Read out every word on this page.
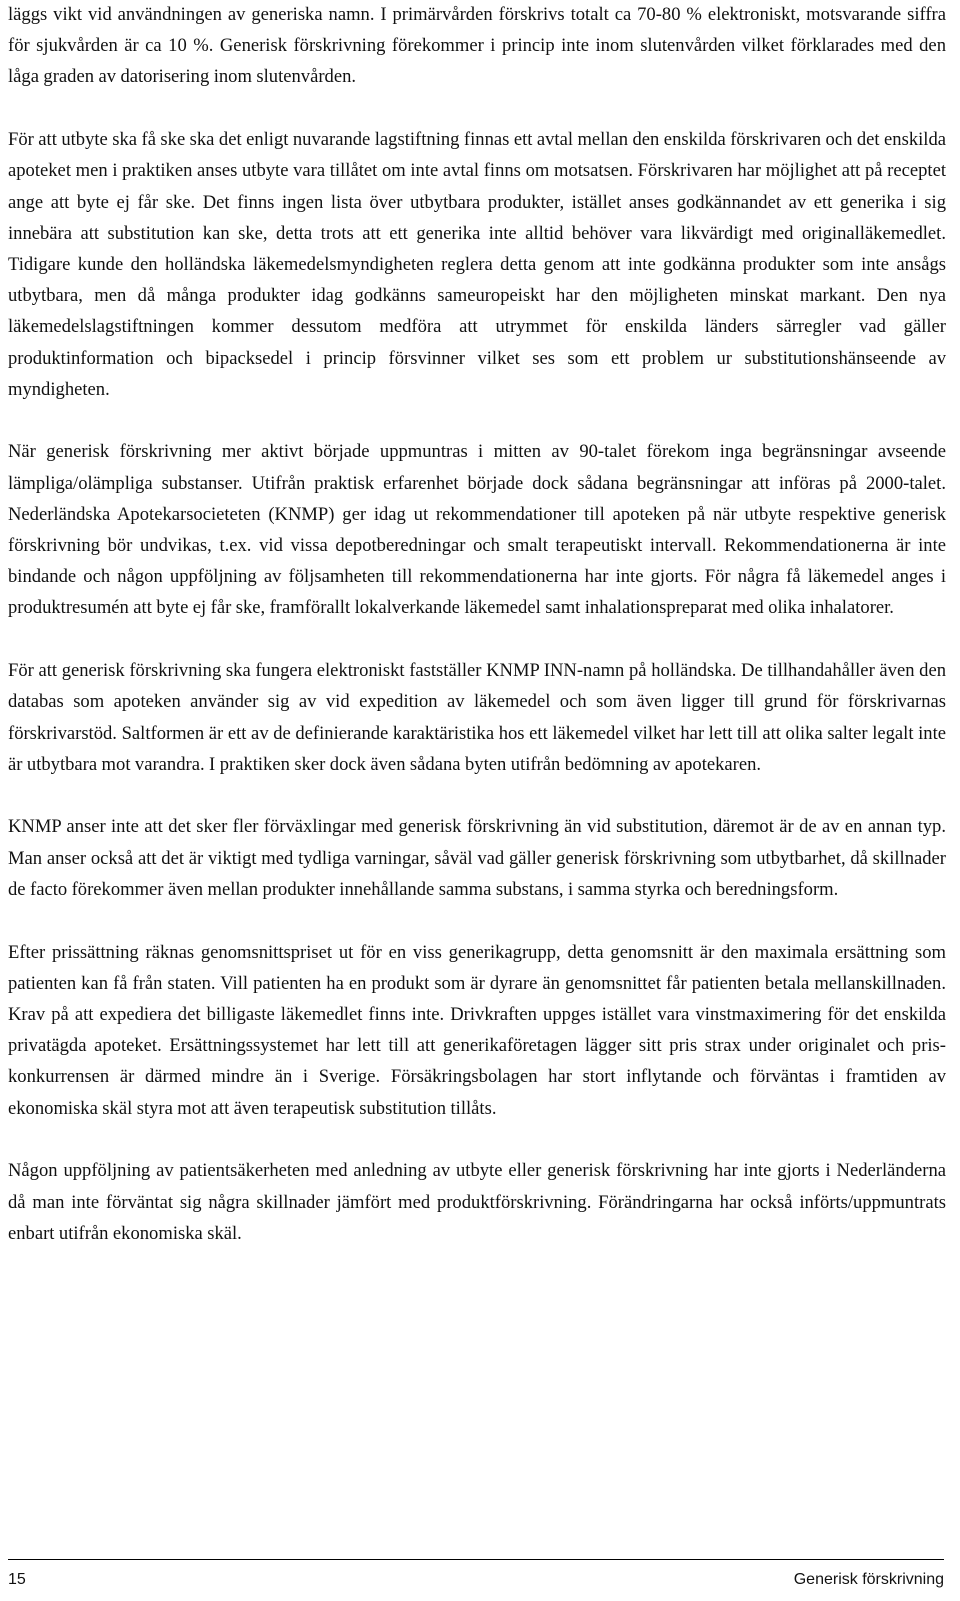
läggs vikt vid användningen av generiska namn. I primärvården förskrivs totalt ca 70-80 % elektroniskt, motsvarande siffra för sjukvården är ca 10 %. Generisk förskrivning förekommer i princip inte inom slutenvården vilket förklarades med den låga graden av datorisering inom slutenvården.

För att utbyte ska få ske ska det enligt nuvarande lagstiftning finnas ett avtal mellan den enskilda förskrivaren och det enskilda apoteket men i praktiken anses utbyte vara tillåtet om inte avtal finns om motsatsen. Förskrivaren har möjlighet att på receptet ange att byte ej får ske. Det finns ingen lista över utbytbara produkter, istället anses godkännandet av ett generika i sig innebära att substitution kan ske, detta trots att ett generika inte alltid behöver vara likvärdigt med originalläkemedlet. Tidigare kunde den holländska läkemedelsmyndigheten reglera detta genom att inte godkänna produkter som inte ansågs utbytbara, men då många produkter idag godkänns sameuropeiskt har den möjligheten minskat markant. Den nya läkemedelslagstiftningen kommer dessutom medföra att utrymmet för enskilda länders särregler vad gäller produktinformation och bipacksedel i princip försvinner vilket ses som ett problem ur substitutionshänseende av myndigheten.

När generisk förskrivning mer aktivt började uppmuntras i mitten av 90-talet förekom inga begränsningar avseende lämpliga/olämpliga substanser. Utifrån praktisk erfarenhet började dock sådana begränsningar att införas på 2000-talet. Nederländska Apotekarsocieteten (KNMP) ger idag ut rekommendationer till apoteken på när utbyte respektive generisk förskrivning bör undvikas, t.ex. vid vissa depotberedningar och smalt terapeutiskt intervall. Rekommendationerna är inte bindande och någon uppföljning av följsamheten till rekommendationerna har inte gjorts. För några få läkemedel anges i produktresumén att byte ej får ske, framförallt lokalverkande läkemedel samt inhalationspreparat med olika inhalatorer.

För att generisk förskrivning ska fungera elektroniskt fastställer KNMP INN-namn på holländska. De tillhandahåller även den databas som apoteken använder sig av vid expedition av läkemedel och som även ligger till grund för förskrivarnas förskrivarstöd. Saltformen är ett av de definierande karaktäristika hos ett läkemedel vilket har lett till att olika salter legalt inte är utbytbara mot varandra. I praktiken sker dock även sådana byten utifrån bedömning av apotekaren.

KNMP anser inte att det sker fler förväxlingar med generisk förskrivning än vid substitution, däremot är de av en annan typ. Man anser också att det är viktigt med tydliga varningar, såväl vad gäller generisk förskrivning som utbytbarhet, då skillnader de facto förekommer även mellan produkter innehållande samma substans, i samma styrka och beredningsform.

Efter prissättning räknas genomsnittspriset ut för en viss generikagrupp, detta genomsnitt är den maximala ersättning som patienten kan få från staten. Vill patienten ha en produkt som är dyrare än genomsnittet får patienten betala mellanskillnaden. Krav på att expediera det billigaste läkemedlet finns inte. Drivkraften uppges istället vara vinstmaximering för det enskilda privatägda apoteket. Ersättningssystemet har lett till att generikaföretagen lägger sitt pris strax under originalet och priskonkurrensen är därmed mindre än i Sverige. Försäkringsbolagen har stort inflytande och förväntas i framtiden av ekonomiska skäl styra mot att även terapeutisk substitution tillåts.

Någon uppföljning av patientsäkerheten med anledning av utbyte eller generisk förskrivning har inte gjorts i Nederländerna då man inte förväntat sig några skillnader jämfört med produktförskrivning. Förändringarna har också införts/uppmuntrats enbart utifrån ekonomiska skäl.

15	Generisk förskrivning
